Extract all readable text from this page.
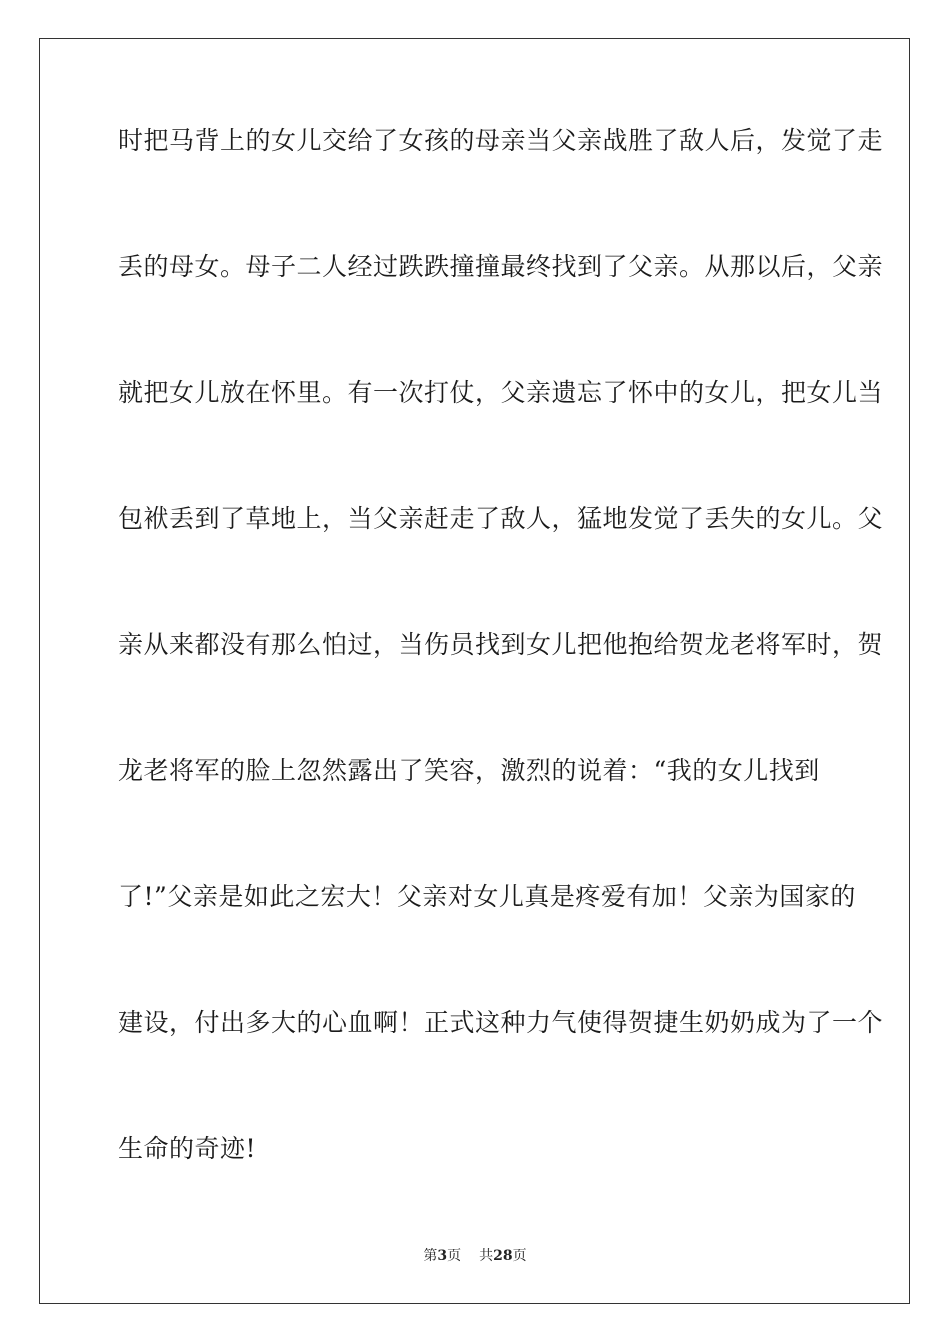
时把马背上的女儿交给了女孩的母亲当父亲战胜了敌人后，发觉了走
丢的母女。母子二人经过跌跌撞撞最终找到了父亲。从那以后，父亲
就把女儿放在怀里。有一次打仗，父亲遗忘了怀中的女儿，把女儿当
包袱丢到了草地上，当父亲赶走了敌人，猛地发觉了丢失的女儿。父
亲从来都没有那么怕过，当伤员找到女儿把他抱给贺龙老将军时，贺
龙老将军的脸上忽然露出了笑容，激烈的说着：“我的女儿找到
了!”父亲是如此之宏大！父亲对女儿真是疼爱有加！父亲为国家的
建设，付出多大的心血啊！正式这种力气使得贺捷生奶奶成为了一个
生命的奇迹!
第3页 共28页
